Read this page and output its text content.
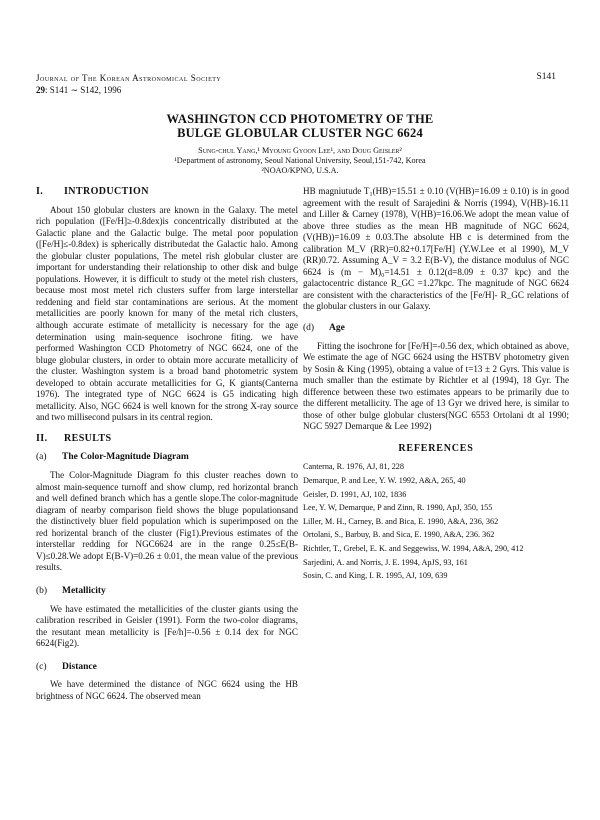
Journal of The Korean Astronomical Society
29: S141 ∼ S142, 1996
S141
WASHINGTON CCD PHOTOMETRY OF THE
BULGE GLOBULAR CLUSTER NGC 6624
Sung-chul Yang,¹ Myoung Gyoon Lee¹, and Doug Geisler²
¹Department of astronomy, Seoul National University, Seoul,151-742, Korea
²NOAO/KPNO, U.S.A.
I. INTRODUCTION

About 150 globular clusters are known in the Galaxy. The metel rich population ([Fe/H]≥-0.8dex)is concentrically distributed at the Galactic plane and the Galactic bulge. The metal poor population ([Fe/H]≤-0.8dex) is spherically distributedat the Galactic halo. Among the globular cluster populations, The metel rish globular cluster are important for understanding their relationship to other disk and bulge populations. However, it is difficult to study ot the metel rish clusters, because most most metel rich clusters suffer from large interstellar reddening and field star contaminations are serious. At the moment metallicities are poorly known for many of the metal rich clusters, although accurate estimate of metallicity is necessary for the age determination using main-sequence isochrone fiting. we have performed Washington CCD Photometry of NGC 6624, one of the bluge globular clusters, in order to obtain more accurate metallicity of the cluster. Washington system is a broad band photometric system developed to obtain accurate metallicities for G, K giants(Canterna 1976). The integrated type of NGC 6624 is G5 indicating high metallicity. Also, NGC 6624 is well known for the strong X-ray source and two millisecond pulsars in its central region.

II. RESULTS
(a) The Color-Magnitude Diagram

The Color-Magnitude Diagram fo this cluster reaches down to almost main-sequence turnoff and show clump, red horizontal branch and well defined branch which has a gentle slope.The color-magnitude diagram of nearby comparison field shows the bluge populationsand the distinctively bluer field population which is superimposed on the red horizental branch of the cluster (Fig1).Previous estimates of the interstellar redding for NGC6624 are in the range 0.25≤E(B-V)≤0.28.We adopt E(B-V)=0.26 ± 0.01, the mean value of the previous results.

(b) Metallicity

We have estimated the metallicities of the cluster giants using the calibration rescribed in Geisler (1991). Form the two-color diagrams, the resutant mean metallicity is [Fe/h]=-0.56 ± 0.14 dex for NGC 6624(Fig2).

(c) Distance

We have determined the distance of NGC 6624 using the HB brightness of NGC 6624. The observed mean

HB magniutude T₁(HB)=15.51 ± 0.10 (V(HB)=16.09 ± 0.10) is in good agreement with the result of Sarajedini & Norris (1994), V(HB)-16.11 and Liller & Carney (1978), V(HB)=16.06.We adopt the mean value of above three studies as the mean HB magnitude of NGC 6624, (V(HB))=16.09 ± 0.03.The absolute HB c is determined from the calibration M_V (RR)=0.82+0.17[Fe/H] (Y.W.Lee et al 1990), M_V (RR)0.72. Assuming A_V = 3.2 E(B-V), the distance modulus of NGC 6624 is (m − M)₀=14.51 ± 0.12(d=8.09 ± 0.37 kpc) and the galactocentric distance R_GC =1.27kpc. The magnitude of NGC 6624 are consistent with the characteristics of the [Fe/H]- R_GC relations of the globular clusters in our Galaxy.

(d) Age

Fitting the isochrone for [Fe/H]=-0.56 dex, which obtained as above, We estimate the age of NGC 6624 using the HSTBV photometry given by Sosin & King (1995), obtaing a value of t=13 ± 2 Gyrs. This value is much smaller than the estimate by Richtler et al (1994), 18 Gyr. The difference between these two estimates appears to be primarily due to the different metallicity. The age of 13 Gyr we drived here, is similar to those of other bulge globular clusters(NGC 6553 Ortolani dt al 1990; NGC 5927 Demarque & Lee 1992)

REFERENCES
Canterna, R. 1976, AJ, 81, 228
Demarque, P. and Lee, Y. W. 1992, A&A, 265, 40
Geisler, D. 1991, AJ, 102, 1836
Lee, Y. W, Demarque, P and Zinn, R. 1990, ApJ, 350, 155
Liller, M. H., Carney, B. and Bica, E. 1990, A&A, 236, 362
Ortolani, S., Barbuy, B. and Sica, E. 1990, A&A, 236. 362
Richtler, T., Grebel, E. K. and Seggewiss, W. 1994, A&A, 290, 412
Sarjedini, A. and Norris, J. E. 1994, ApJS, 93, 161
Sosin, C. and King, I. R. 1995, AJ, 109, 639
